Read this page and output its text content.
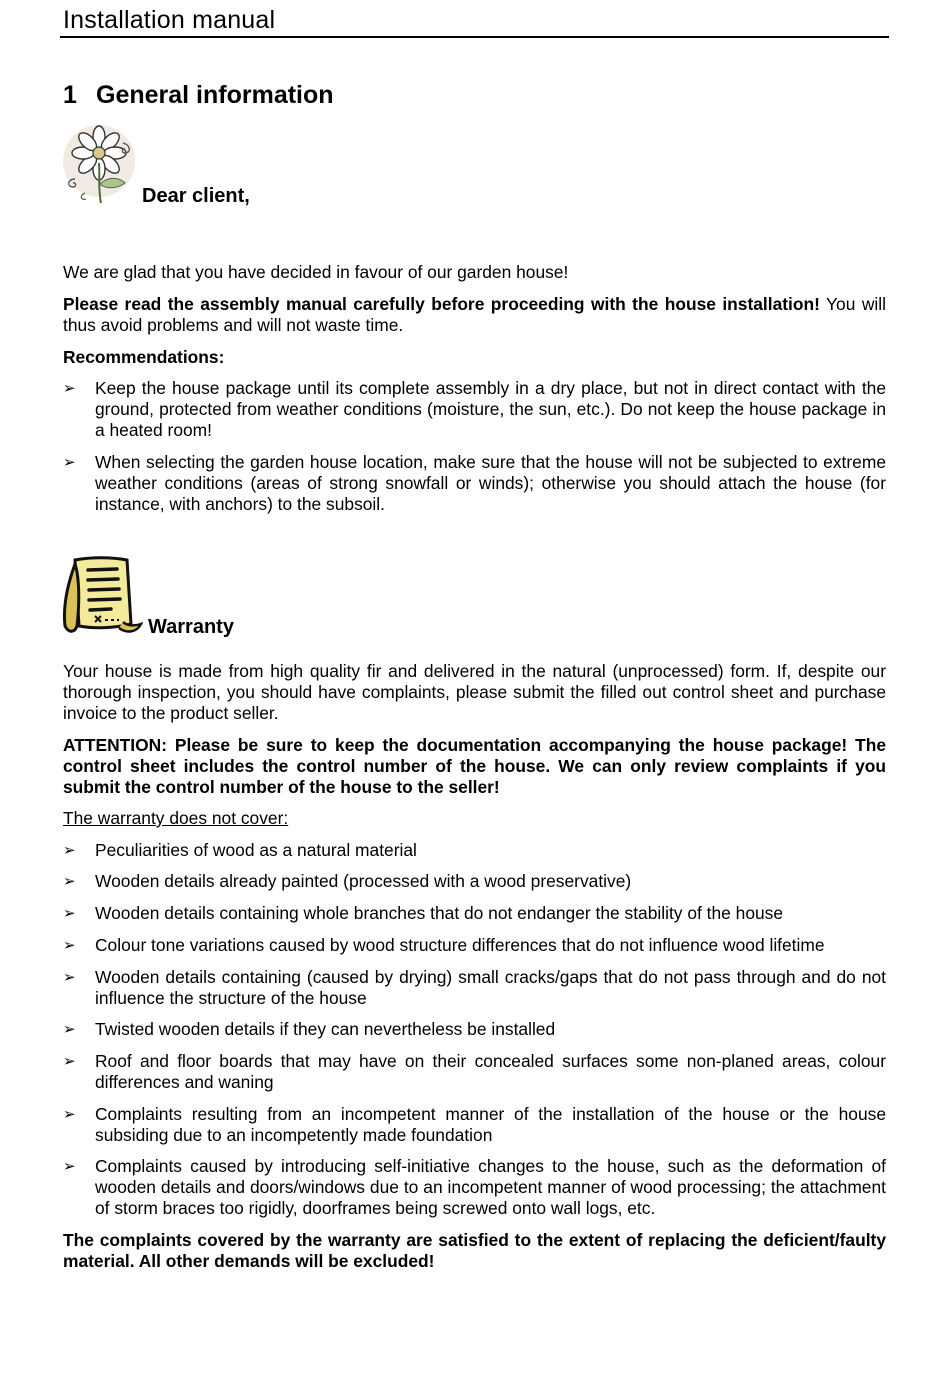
Installation manual
1 General information
Dear client,
We are glad that you have decided in favour of our garden house!
Please read the assembly manual carefully before proceeding with the house installation! You will thus avoid problems and will not waste time.
Recommendations:
➢ Keep the house package until its complete assembly in a dry place, but not in direct contact with the ground, protected from weather conditions (moisture, the sun, etc.). Do not keep the house package in a heated room!
➢ When selecting the garden house location, make sure that the house will not be subjected to extreme weather conditions (areas of strong snowfall or winds); otherwise you should attach the house (for instance, with anchors) to the subsoil.
Warranty
Your house is made from high quality fir and delivered in the natural (unprocessed) form. If, despite our thorough inspection, you should have complaints, please submit the filled out control sheet and purchase invoice to the product seller.
ATTENTION: Please be sure to keep the documentation accompanying the house package! The control sheet includes the control number of the house. We can only review complaints if you submit the control number of the house to the seller!
The warranty does not cover:
➢ Peculiarities of wood as a natural material
➢ Wooden details already painted (processed with a wood preservative)
➢ Wooden details containing whole branches that do not endanger the stability of the house
➢ Colour tone variations caused by wood structure differences that do not influence wood lifetime
➢ Wooden details containing (caused by drying) small cracks/gaps that do not pass through and do not influence the structure of the house
➢ Twisted wooden details if they can nevertheless be installed
➢ Roof and floor boards that may have on their concealed surfaces some non-planed areas, colour differences and waning
➢ Complaints resulting from an incompetent manner of the installation of the house or the house subsiding due to an incompetently made foundation
➢ Complaints caused by introducing self-initiative changes to the house, such as the deformation of wooden details and doors/windows due to an incompetent manner of wood processing; the attachment of storm braces too rigidly, doorframes being screwed onto wall logs, etc.
The complaints covered by the warranty are satisfied to the extent of replacing the deficient/faulty material. All other demands will be excluded!
